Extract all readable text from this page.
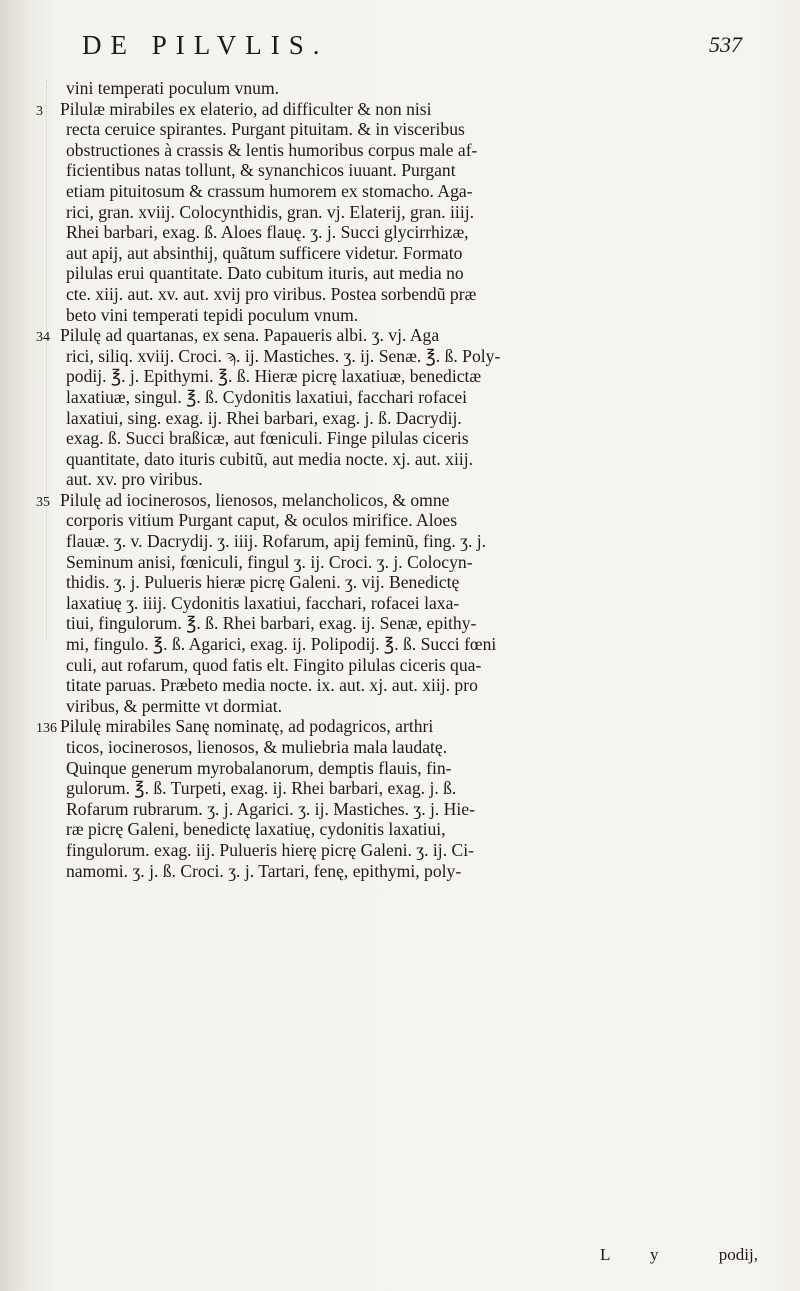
DE PILVLIS.	537
vini temperati poculum vnum.
3 Pilulæ mirabiles ex elaterio, ad difficulter & non nisi
recta ceruice spirantes. Purgant pituitam. & in visceribus
obstructiones à crassis & lentis humoribus corpus male af-
ficientibus natas tollunt, & synanchicos iuuant. Purgant
etiam pituitosum & crassum humorem ex stomacho. Aga-
rici, gran. xviij. Colocynthidis, gran. vj. Elaterij, gran. iiij.
Rhei barbari, exag. ß. Aloes flauę. ʒ. j. Succi glycirrhizæ,
aut apij, aut absinthij, quãtum sufficere videtur. Formato
pilulas erui quantitate. Dato cubitum ituris, aut media no
cte. xiij. aut. xv. aut. xvij pro viribus. Postea sorbendũ præ
beto vini temperati tepidi poculum vnum.
34 Pilulę ad quartanas, ex sena. Papaueris albi. ʒ. vj. Aga
rici, siliq. xviij. Croci. ϡ. ij. Mastiches. ʒ. ij. Senæ. ℥. ß. Poly-
podij. ℥. j. Epithymi. ℥. ß. Hieræ picrę laxatiuæ, benedictæ
laxatiuæ, singul. ℥. ß. Cydonitis laxatiui, facchari rofacei
laxatiui, sing. exag. ij. Rhei barbari, exag. j. ß. Dacrydij.
exag. ß. Succi braßicæ, aut fœniculi. Finge pilulas ciceris
quantitate, dato ituris cubitũ, aut media nocte. xj. aut. xiij.
aut. xv. pro viribus.
35 Pilulę ad iocinerosos, lienosos, melancholicos, & omne
corporis vitium Purgant caput, & oculos mirifice. Aloes
flauæ. ʒ. v. Dacrydij. ʒ. iiij. Rofarum, apij feminũ, fing. ʒ. j.
Seminum anisi, fœniculi, fingul ʒ. ij. Croci. ʒ. j. Colocyn-
thidis. ʒ. j. Pulueris hieræ picrę Galeni. ʒ. vij. Benedictę
laxatiuę ʒ. iiij. Cydonitis laxatiui, facchari, rofacei laxa-
tiui, fingulorum. ℥. ß. Rhei barbari, exag. ij. Senæ, epithy-
mi, fingulo. ℥. ß. Agarici, exag. ij. Polipodij. ℥. ß. Succi fœni
culi, aut rofarum, quod fatis elt. Fingito pilulas ciceris qua-
titate paruas. Præbeto media nocte. ix. aut. xj. aut. xiij. pro
viribus, & permitte vt dormiat.
136 Pilulę mirabiles Sanę nominatę, ad podagricos, arthri
ticos, iocinerosos, lienosos, & muliebria mala laudatę.
Quinque generum myrobalanorum, demptis flauis, fin-
gulorum. ℥. ß. Turpeti, exag. ij. Rhei barbari, exag. j. ß.
Rofarum rubrarum. ʒ. j. Agarici. ʒ. ij. Mastiches. ʒ. j. Hie-
ræ picrę Galeni, benedictę laxatiuę, cydonitis laxatiui,
fingulorum. exag. iij. Pulueris hierę picrę Galeni. ʒ. ij. Ci-
namomi. ʒ. j. ß. Croci. ʒ. j. Tartari, fenę, epithymi, poly-
L y podij,
